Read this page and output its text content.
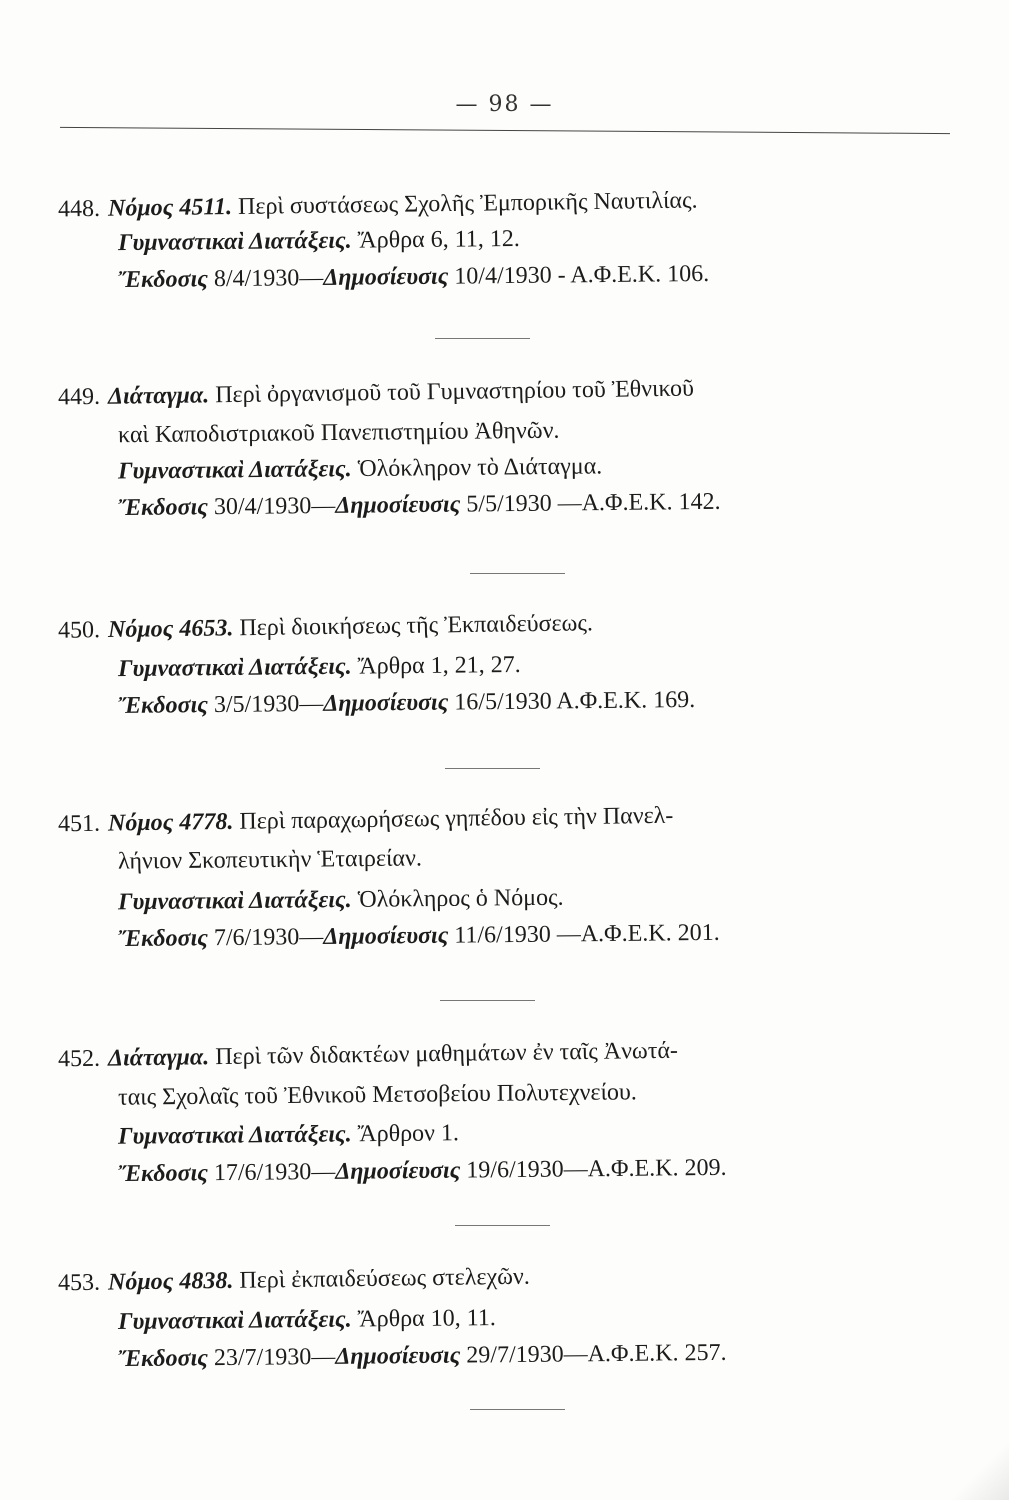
— 98 —
448. Νόμος 4511. Περὶ συστάσεως Σχολῆς Ἐμπορικῆς Ναυτιλίας.
Γυμναστικαὶ Διατάξεις. Ἄρθρα 6, 11, 12.
Ἔκδοσις 8/4/1930—Δημοσίευσις 10/4/1930 - Α.Φ.Ε.Κ. 106.
449. Διάταγμα. Περὶ ὀργανισμοῦ τοῦ Γυμναστηρίου τοῦ Ἐθνικοῦ
καὶ Καποδιστριακοῦ Πανεπιστημίου Ἀθηνῶν.
Γυμναστικαὶ Διατάξεις. Ὁλόκληρον τὸ Διάταγμα.
Ἔκδοσις 30/4/1930—Δημοσίευσις 5/5/1930 —Α.Φ.Ε.Κ. 142.
450. Νόμος 4653. Περὶ διοικήσεως τῆς Ἐκπαιδεύσεως.
Γυμναστικαὶ Διατάξεις. Ἄρθρα 1, 21, 27.
Ἔκδοσις 3/5/1930—Δημοσίευσις 16/5/1930 Α.Φ.Ε.Κ. 169.
451. Νόμος 4778. Περὶ παραχωρήσεως γηπέδου εἰς τὴν Πανελ-
λήνιον Σκοπευτικὴν Ἑταιρείαν.
Γυμναστικαὶ Διατάξεις. Ὁλόκληρος ὁ Νόμος.
Ἔκδοσις 7/6/1930—Δημοσίευσις 11/6/1930 —Α.Φ.Ε.Κ. 201.
452. Διάταγμα. Περὶ τῶν διδακτέων μαθημάτων ἐν ταῖς Ἀνωτά-
ταις Σχολαῖς τοῦ Ἐθνικοῦ Μετσοβείου Πολυτεχνείου.
Γυμναστικαὶ Διατάξεις. Ἄρθρον 1.
Ἔκδοσις 17/6/1930—Δημοσίευσις 19/6/1930—Α.Φ.Ε.Κ. 209.
453. Νόμος 4838. Περὶ ἐκπαιδεύσεως στελεχῶν.
Γυμναστικαὶ Διατάξεις. Ἄρθρα 10, 11.
Ἔκδοσις 23/7/1930—Δημοσίευσις 29/7/1930—Α.Φ.Ε.Κ. 257.
